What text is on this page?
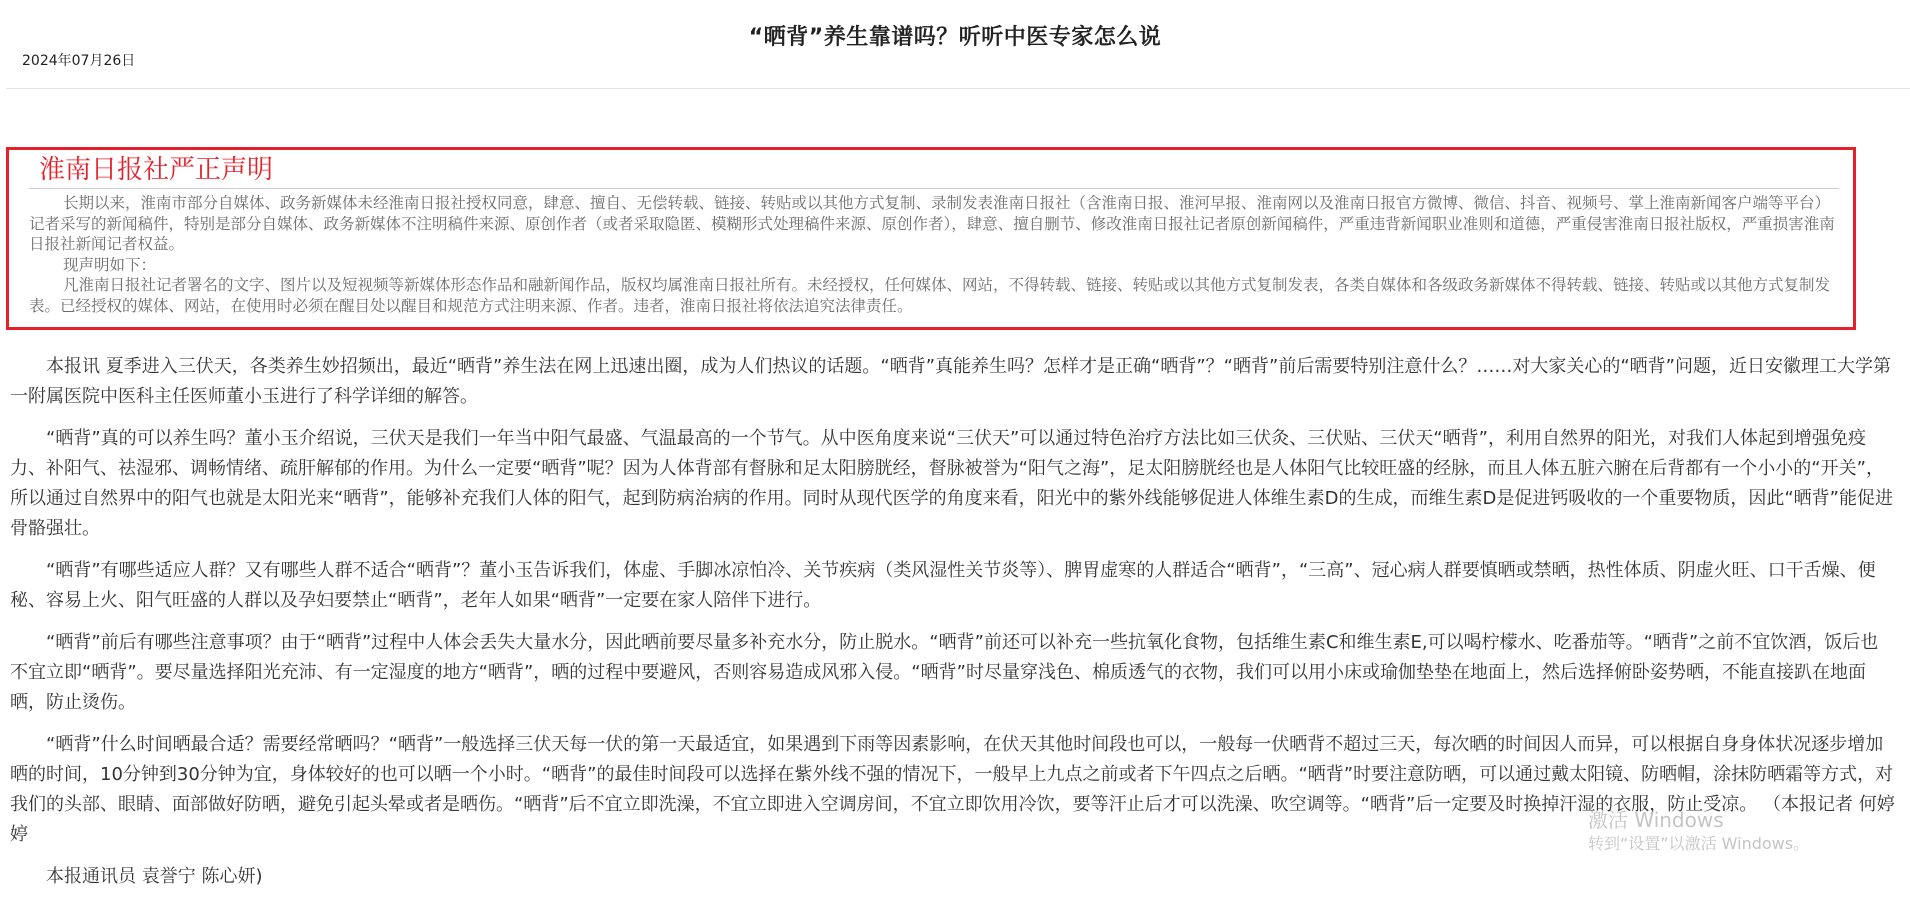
“晒背”养生靠谱吗？听听中医专家怎么说
2024年07月26日
淮南日报社严正声明

长期以来，淮南市部分自媒体、政务新媒体未经淮南日报社授权同意，肆意、擅自、无偿转载、链接、转贴或以其他方式复制、录制发表淮南日报社（含淮南日报、淮河早报、淮南网以及淮南日报官方微博、微信、抖音、视频号、掌上淮南新闻客户端等平台）记者采写的新闻稿件，特别是部分自媒体、政务新媒体不注明稿件来源、原创作者（或者采取隐匿、模糊形式处理稿件来源、原创作者），肆意、擅自删节、修改淮南日报社记者原创新闻稿件，严重违背新闻职业准则和道德，严重侵害淮南日报社版权，严重损害淮南日报社新闻记者权益。

现声明如下：

凡淮南日报社记者署名的文字、图片以及短视频等新媒体形态作品和融新闻作品，版权均属淮南日报社所有。未经授权，任何媒体、网站，不得转载、链接、转贴或以其他方式复制发表，各类自媒体和各级政务新媒体不得转载、链接、转贴或以其他方式复制发表。已经授权的媒体、网站，在使用时必须在醒目处以醒目和规范方式注明来源、作者。违者，淮南日报社将依法追究法律责任。

本报讯 夏季进入三伏天，各类养生妙招频出，最近“晒背”养生法在网上迅速出圈，成为人们热议的话题。“晒背”真能养生吗？怎样才是正确“晒背”？“晒背”前后需要特别注意什么？……对大家关心的“晒背”问题，近日安徽理工大学第一附属医院中医科主任医师董小玉进行了科学详细的解答。

“晒背”真的可以养生吗？董小玉介绍说，三伏天是我们一年当中阳气最盛、气温最高的一个节气。从中医角度来说“三伏天”可以通过特色治疗方法比如三伏灸、三伏贴、三伏天“晒背”，利用自然界的阳光，对我们人体起到增强免疫力、补阳气、祛湿邪、调畅情绪、疏肝解郁的作用。为什么一定要“晒背”呢？因为人体背部有督脉和足太阳膀胱经，督脉被誉为“阳气之海”，足太阳膀胱经也是人体阳气比较旺盛的经脉，而且人体五脏六腑在后背都有一个小小的“开关”，所以通过自然界中的阳气也就是太阳光来“晒背”，能够补充我们人体的阳气，起到防病治病的作用。同时从现代医学的角度来看，阳光中的紫外线能够促进人体维生素D的生成，而维生素D是促进钙吸收的一个重要物质，因此“晒背”能促进骨骼强壮。

“晒背”有哪些适应人群？又有哪些人群不适合“晒背”？董小玉告诉我们，体虚、手脚冰凉怕冷、关节疾病（类风湿性关节炎等）、脾胃虚寒的人群适合“晒背”，“三高”、冠心病人群要慎晒或禁晒，热性体质、阴虚火旺、口干舌燥、便秘、容易上火、阳气旺盛的人群以及孕妇要禁止“晒背”，老年人如果“晒背”一定要在家人陪伴下进行。

“晒背”前后有哪些注意事项？由于“晒背”过程中人体会丢失大量水分，因此晒前要尽量多补充水分，防止脱水。“晒背”前还可以补充一些抗氧化食物，包括维生素C和维生素E,可以喝柠檬水、吃番茄等。“晒背”之前不宜饮酒，饭后也不宜立即“晒背”。要尽量选择阳光充沛、有一定湿度的地方“晒背”，晒的过程中要避风，否则容易造成风邪入侵。“晒背”时尽量穿浅色、棉质透气的衣物，我们可以用小床或瑜伽垫垫在地面上，然后选择俯卧姿势晒，不能直接趴在地面晒，防止烫伤。

“晒背”什么时间晒最合适？需要经常晒吗？“晒背”一般选择三伏天每一伏的第一天最适宜，如果遇到下雨等因素影响，在伏天其他时间段也可以，一般每一伏晒背不超过三天，每次晒的时间因人而异，可以根据自身身体状况逐步增加晒的时间，10分钟到30分钟为宜，身体较好的也可以晒一个小时。“晒背”的最佳时间段可以选择在紫外线不强的情况下，一般早上九点之前或者下午四点之后晒。“晒背”时要注意防晒，可以通过戴太阳镜、防晒帽，涂抹防晒霜等方式，对我们的头部、眼睛、面部做好防晒，避免引起头晕或者是晒伤。“晒背”后不宜立即洗澡，不宜立即进入空调房间，不宜立即饮用冷饮，要等汗止后才可以洗澡、吹空调等。“晒背”后一定要及时换掉汗湿的衣服，防止受凉。 （本报记者 何婷婷

本报通讯员 袁誉宁 陈心妍)

激活 Windows
转到“设置”以激活 Windows。
